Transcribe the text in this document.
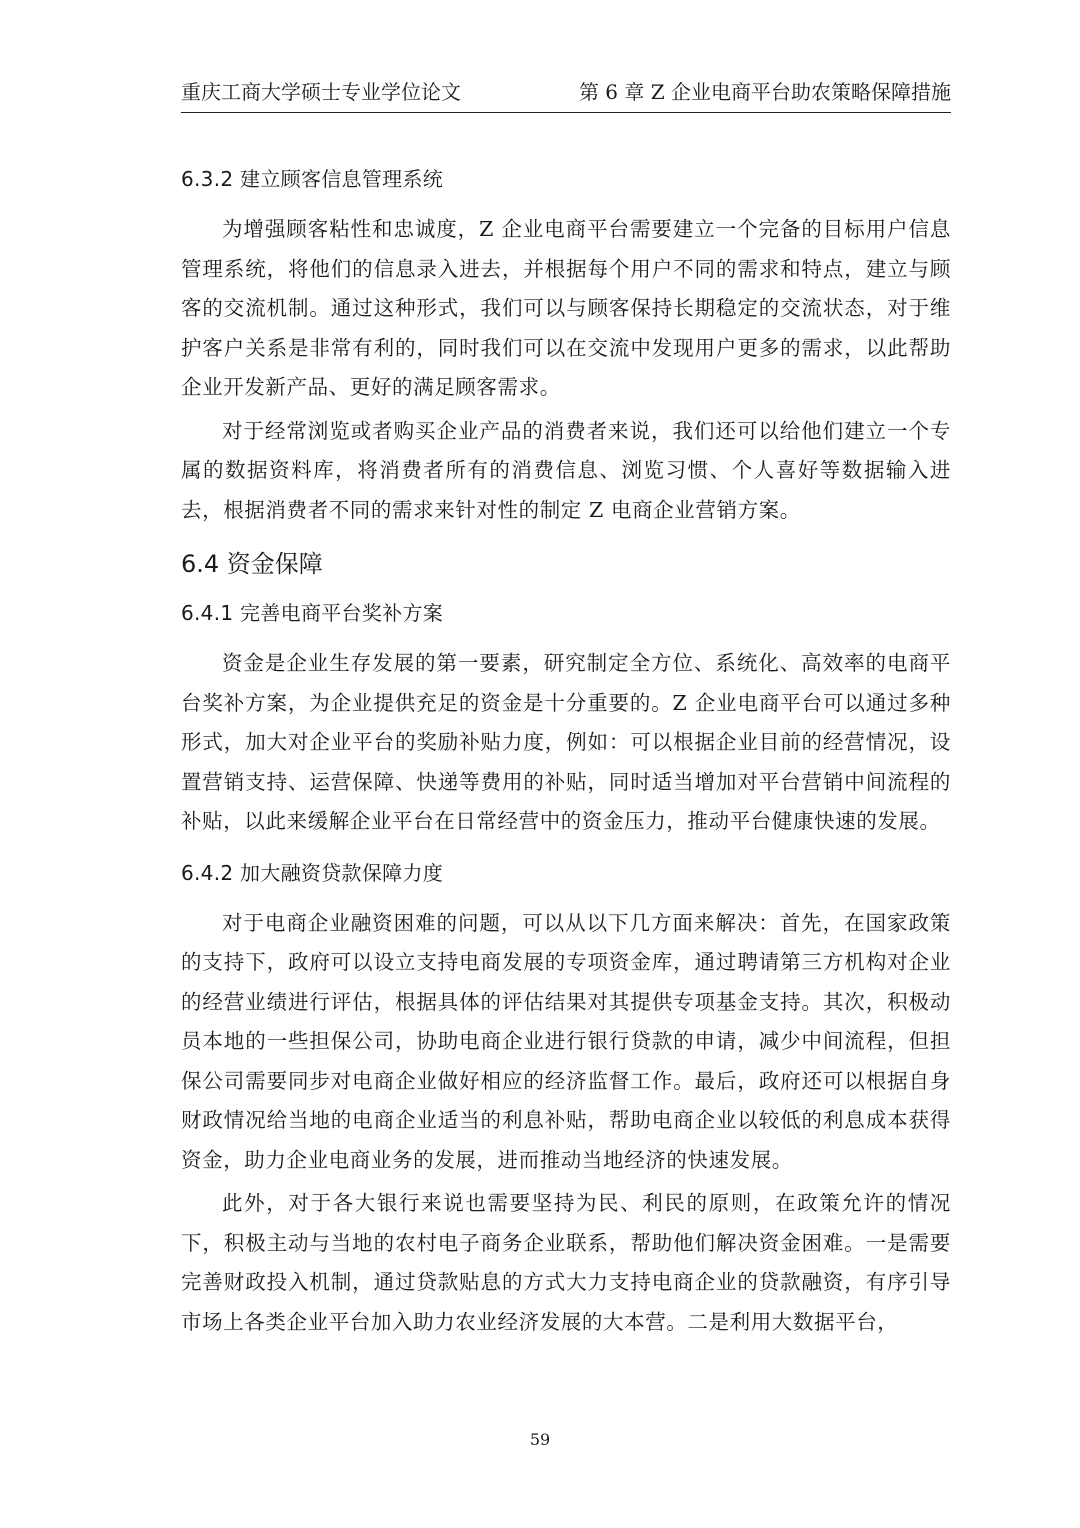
重庆工商大学硕士专业学位论文	第 6 章 Z 企业电商平台助农策略保障措施
6.3.2 建立顾客信息管理系统

为增强顾客粘性和忠诚度，Z 企业电商平台需要建立一个完备的目标用户信息管理系统，将他们的信息录入进去，并根据每个用户不同的需求和特点，建立与顾客的交流机制。通过这种形式，我们可以与顾客保持长期稳定的交流状态，对于维护客户关系是非常有利的，同时我们可以在交流中发现用户更多的需求，以此帮助企业开发新产品、更好的满足顾客需求。

对于经常浏览或者购买企业产品的消费者来说，我们还可以给他们建立一个专属的数据资料库，将消费者所有的消费信息、浏览习惯、个人喜好等数据输入进去，根据消费者不同的需求来针对性的制定 Z 电商企业营销方案。

6.4 资金保障
6.4.1 完善电商平台奖补方案

资金是企业生存发展的第一要素，研究制定全方位、系统化、高效率的电商平台奖补方案，为企业提供充足的资金是十分重要的。Z 企业电商平台可以通过多种形式，加大对企业平台的奖励补贴力度，例如：可以根据企业目前的经营情况，设置营销支持、运营保障、快递等费用的补贴，同时适当增加对平台营销中间流程的补贴，以此来缓解企业平台在日常经营中的资金压力，推动平台健康快速的发展。

6.4.2 加大融资贷款保障力度

对于电商企业融资困难的问题，可以从以下几方面来解决：首先，在国家政策的支持下，政府可以设立支持电商发展的专项资金库，通过聘请第三方机构对企业的经营业绩进行评估，根据具体的评估结果对其提供专项基金支持。其次，积极动员本地的一些担保公司，协助电商企业进行银行贷款的申请，减少中间流程，但担保公司需要同步对电商企业做好相应的经济监督工作。最后，政府还可以根据自身财政情况给当地的电商企业适当的利息补贴，帮助电商企业以较低的利息成本获得资金，助力企业电商业务的发展，进而推动当地经济的快速发展。

此外，对于各大银行来说也需要坚持为民、利民的原则，在政策允许的情况下，积极主动与当地的农村电子商务企业联系，帮助他们解决资金困难。一是需要完善财政投入机制，通过贷款贴息的方式大力支持电商企业的贷款融资，有序引导市场上各类企业平台加入助力农业经济发展的大本营。二是利用大数据平台，

59
